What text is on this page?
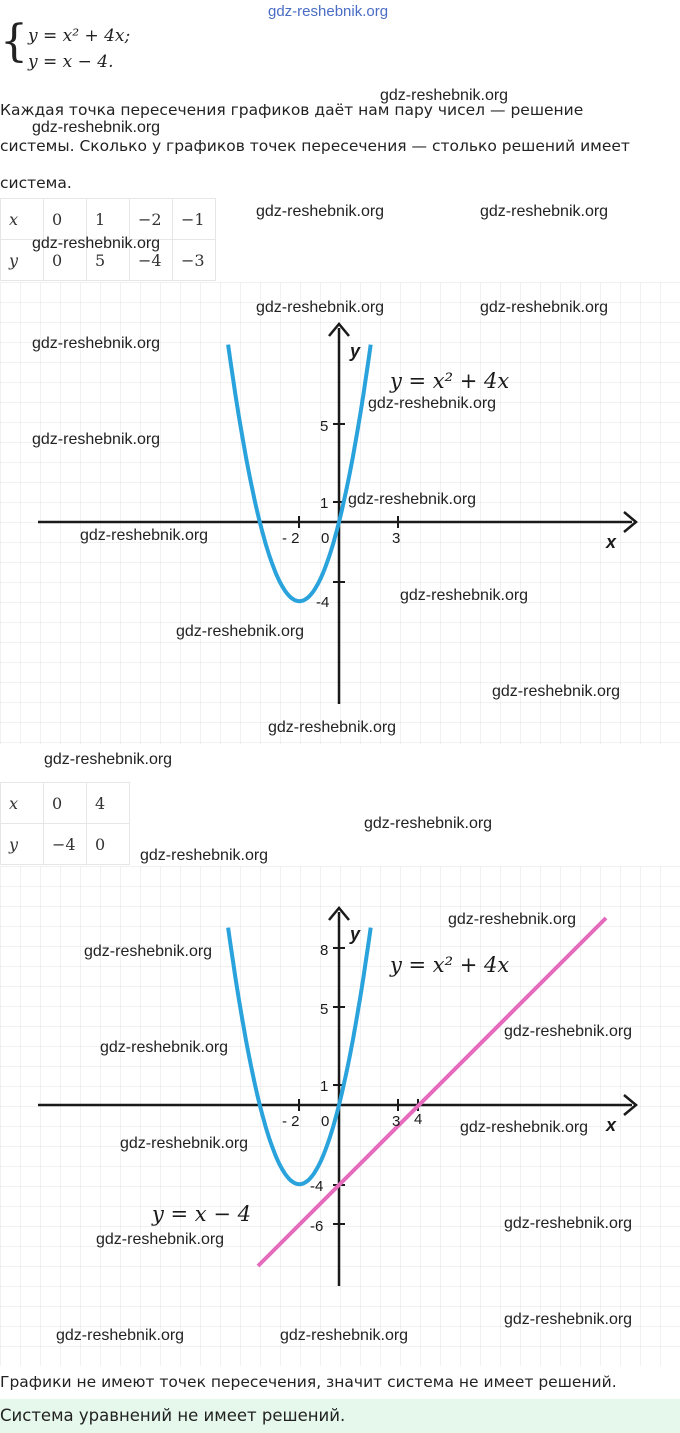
gdz-reshebnik.org
{ y = x² + 4x;
y = x − 4.
Каждая точка пересечения графиков даёт нам пару чисел — решение
системы. Сколько у графиков точек пересечения — столько решений имеет
система.
x	0	1	−2	−1
y	0	5	−4	−3
y
x
y = x² + 4x
5
1
-4
- 2 0	3
x	0	4
y	−4	0
y
x
y = x² + 4x
y = x − 4
8
5
1
-4
-6
- 2 0	3 4
gdz-reshebnik.org
gdz-reshebnik.org
gdz-reshebnik.org	gdz-reshebnik.org
gdz-reshebnik.org
gdz-reshebnik.org	gdz-reshebnik.org
gdz-reshebnik.org
gdz-reshebnik.org
gdz-reshebnik.org
gdz-reshebnik.org
gdz-reshebnik.org
gdz-reshebnik.org
gdz-reshebnik.org
gdz-reshebnik.org
gdz-reshebnik.org
gdz-reshebnik.org
gdz-reshebnik.org
gdz-reshebnik.org
gdz-reshebnik.org
gdz-reshebnik.org
gdz-reshebnik.org
gdz-reshebnik.org
gdz-reshebnik.org
gdz-reshebnik.org
gdz-reshebnik.org
gdz-reshebnik.org
gdz-reshebnik.org
gdz-reshebnik.org	gdz-reshebnik.org
Графики не имеют точек пересечения, значит система не имеет решений.
Система уравнений не имеет решений.
